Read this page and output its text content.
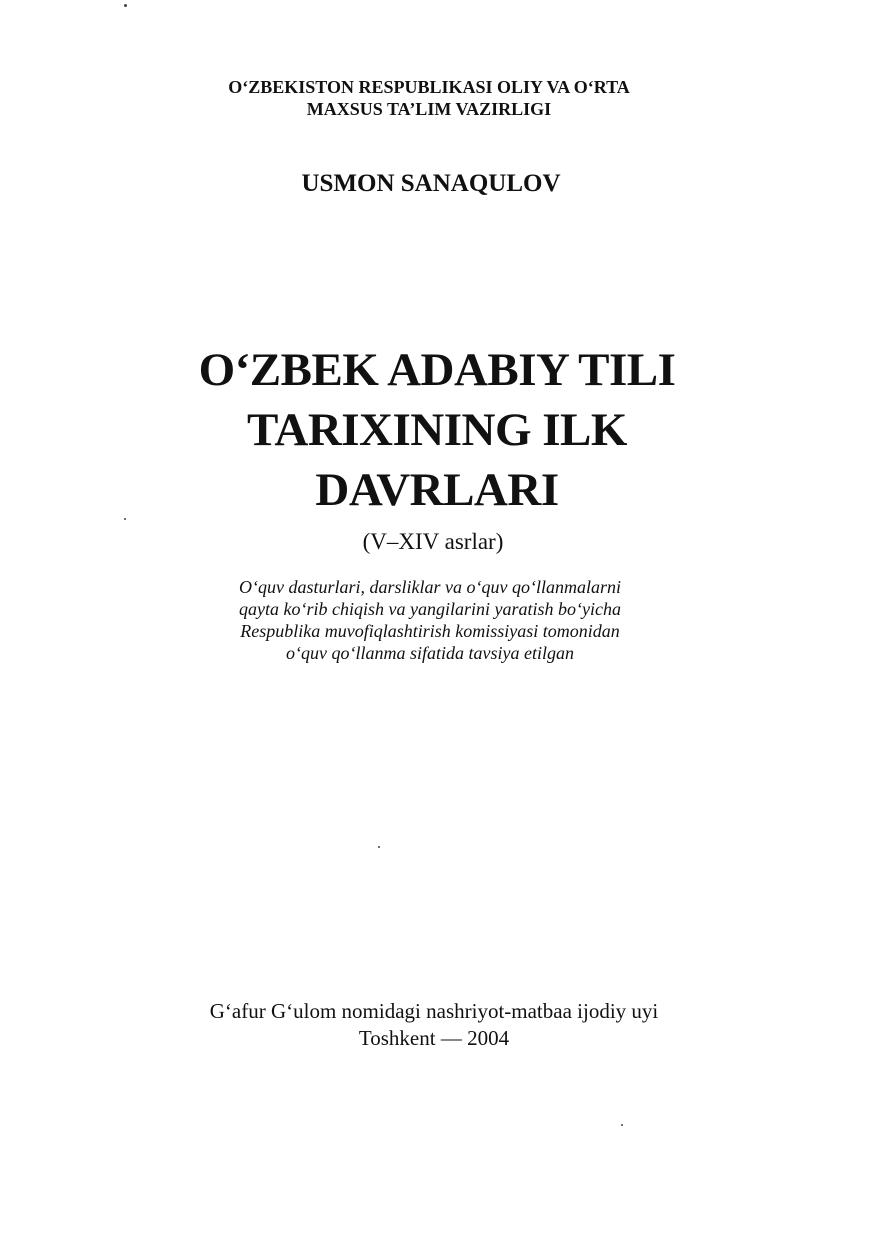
O‘ZBEKISTON RESPUBLIKASI OLIY VA O‘RTA
MAXSUS TA’LIM VAZIRLIGI
USMON SANAQULOV
O‘ZBEK ADABIY TILI
TARIXINING ILK
DAVRLARI
(V–XIV asrlar)
O‘quv dasturlari, darsliklar va o‘quv qo‘llanmalarni
qayta ko‘rib chiqish va yangilarini yaratish bo‘yicha
Respublika muvofiqlashtirish komissiyasi tomonidan
o‘quv qo‘llanma sifatida tavsiya etilgan
G‘afur G‘ulom nomidagi nashriyot-matbaa ijodiy uyi
Toshkent — 2004
